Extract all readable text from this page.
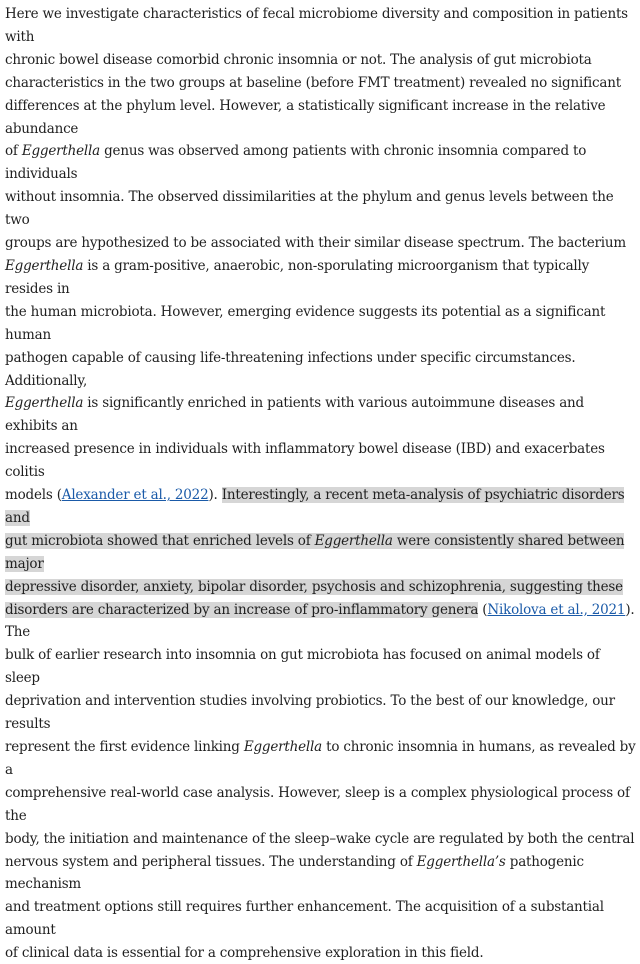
Here we investigate characteristics of fecal microbiome diversity and composition in patients with
chronic bowel disease comorbid chronic insomnia or not. The analysis of gut microbiota
characteristics in the two groups at baseline (before FMT treatment) revealed no significant
differences at the phylum level. However, a statistically significant increase in the relative abundance
of Eggerthella genus was observed among patients with chronic insomnia compared to individuals
without insomnia. The observed dissimilarities at the phylum and genus levels between the two
groups are hypothesized to be associated with their similar disease spectrum. The bacterium
Eggerthella is a gram-positive, anaerobic, non-sporulating microorganism that typically resides in
the human microbiota. However, emerging evidence suggests its potential as a significant human
pathogen capable of causing life-threatening infections under specific circumstances. Additionally,
Eggerthella is significantly enriched in patients with various autoimmune diseases and exhibits an
increased presence in individuals with inflammatory bowel disease (IBD) and exacerbates colitis
models (Alexander et al., 2022). Interestingly, a recent meta-analysis of psychiatric disorders and
gut microbiota showed that enriched levels of Eggerthella were consistently shared between major
depressive disorder, anxiety, bipolar disorder, psychosis and schizophrenia, suggesting these
disorders are characterized by an increase of pro-inflammatory genera (Nikolova et al., 2021). The
bulk of earlier research into insomnia on gut microbiota has focused on animal models of sleep
deprivation and intervention studies involving probiotics. To the best of our knowledge, our results
represent the first evidence linking Eggerthella to chronic insomnia in humans, as revealed by a
comprehensive real-world case analysis. However, sleep is a complex physiological process of the
body, the initiation and maintenance of the sleep–wake cycle are regulated by both the central
nervous system and peripheral tissues. The understanding of Eggerthella’s pathogenic mechanism
and treatment options still requires further enhancement. The acquisition of a substantial amount
of clinical data is essential for a comprehensive exploration in this field.
